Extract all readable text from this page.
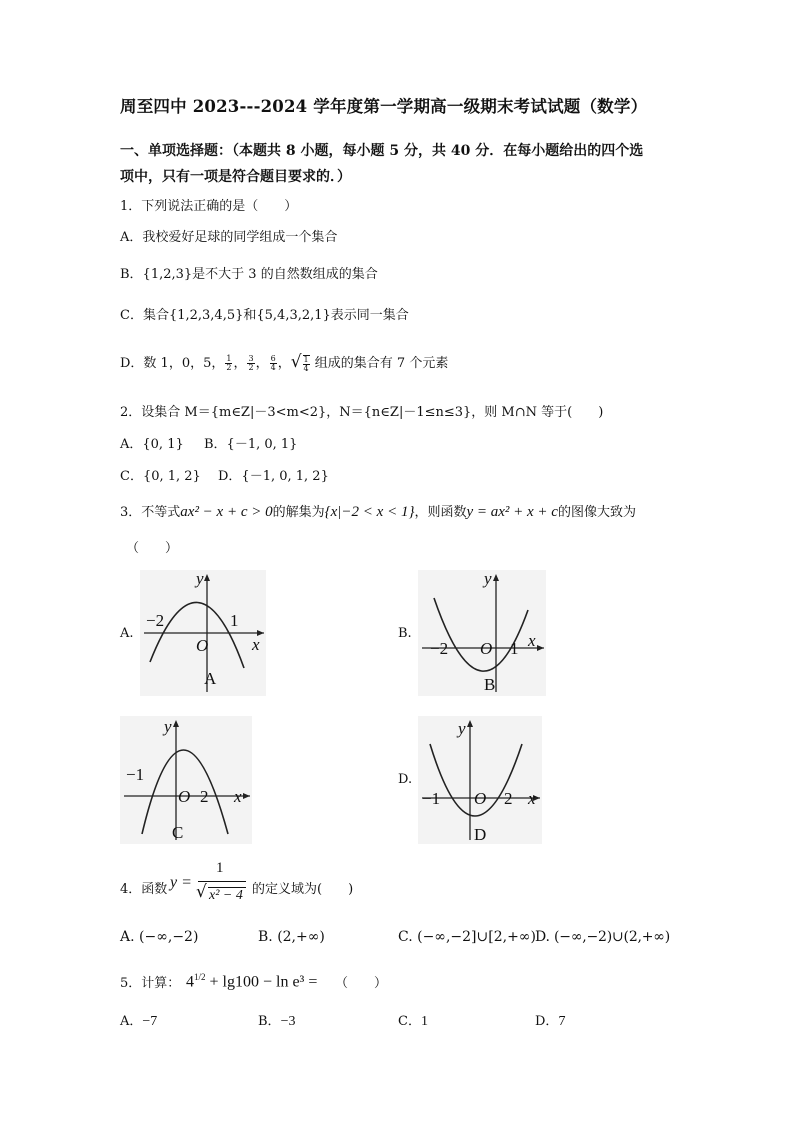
周至四中 2023---2024 学年度第一学期高一级期末考试试题（数学）
一、单项选择题：（本题共 8 小题，每小题 5 分，共 40 分．在每小题给出的四个选
项中，只有一项是符合题目要求的．）
1．下列说法正确的是（　　）
A．我校爱好足球的同学组成一个集合
B．{1,2,3}是不大于 3 的自然数组成的集合
C．集合{1,2,3,4,5}和{5,4,3,2,1}表示同一集合
D．数 1，0，5， $\frac{1}{2}$ ， $\frac{3}{2}$ ， $\frac{6}{4}$ ，√ $\frac{1}{4}$ 组成的集合有 7 个元素
2．设集合 M＝{m∈Z|－3<m<2}，N＝{n∈Z|－1≤n≤3}，则 M∩N 等于(　　)
A．{0, 1} B．{－1, 0, 1}
C．{0, 1, 2} D．{－1, 0, 1, 2}
3．不等式ax² − x + c > 0的解集为{x|−2 < x < 1}，则函数y = ax² + x + c的图像大致为
（　　）
A.	B.
D.
y
x
O
−2	1
A
y
x
O
−2	1
B
y
x
O
−1
2
C
y
x
O
−1	2
D
4．函数 y =
1
√ x² − 4 的定义域为(　　)
A. (−∞,−2)	B. (2,+∞)	C. (−∞,−2]∪[2,+∞) D. (−∞,−2)∪(2,+∞)
5．计算： $4^{1/2} + \lg 100 - \ln e^3$ = （　　）
A．−7	B．−3	C．1	D．7
